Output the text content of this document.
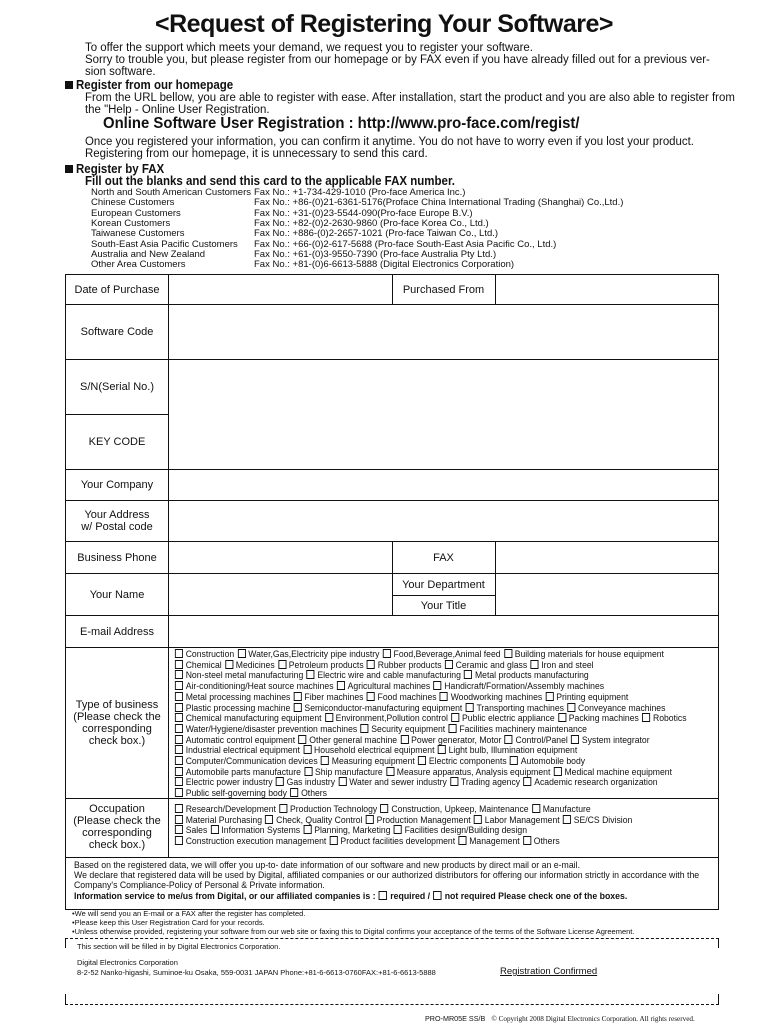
<Request of Registering Your Software>
To offer the support which meets your demand, we request you to register your software.
Sorry to trouble you, but please register from our homepage or by FAX even if you have already filled out for a previous ver-
sion software.
Register from our homepage
From the URL bellow, you are able to register with ease. After installation, start the product and you are also able to register from
the "Help - Online User Registration.
Online Software User Registration : http://www.pro-face.com/regist/
Once you registered your information, you can confirm it anytime. You do not have to worry even if you lost your product.
Registering from our homepage, it is unnecessary to send this card.
Register by FAX
Fill out the blanks and send this card to the applicable FAX number.
North and South American Customers Fax No.: +1-734-429-1010 (Pro-face America Inc.)
Chinese Customers	Fax No.: +86-(0)21-6361-5176(Proface China International Trading (Shanghai) Co.,Ltd.)
European Customers	Fax No.: +31-(0)23-5544-090(Pro-face Europe B.V.)
Korean Customers	Fax No.: +82-(0)2-2630-9860 (Pro-face Korea Co., Ltd.)
Taiwanese Customers	Fax No.: +886-(0)2-2657-1021 (Pro-face Taiwan Co., Ltd.)
South-East Asia Pacific Customers Fax No.: +66-(0)2-617-5688 (Pro-face South-East Asia Pacific Co., Ltd.)
Australia and New Zealand	Fax No.: +61-(0)3-9550-7390 (Pro-face Australia Pty Ltd.)
Other Area Customers	Fax No.: +81-(0)6-6613-5888 (Digital Electronics Corporation)
Date of Purchase	Purchased From
Software Code
S/N(Serial No.)
KEY CODE
Your Company
Your Address
w/ Postal code
Business Phone	FAX
Your Name
Your Department
Your Title
E-mail Address
Type of business
(Please check the
corresponding
check box.)
Construction Water,Gas,Electricity pipe industry Food,Beverage,Animal feed Building materials for house equipment
Chemical Medicines Petroleum products Rubber products Ceramic and glass Iron and steel
Non-steel metal manufacturing Electric wire and cable manufacturing Metal products manufacturing
Air-conditioning/Heat source machines Agricultural machines Handicraft/Formation/Assembly machines
Metal processing machines Fiber machines Food machines Woodworking machines Printing equipment
Plastic processing machine Semiconductor-manufacturing equipment Transporting machines Conveyance machines
Chemical manufacturing equipment Environment,Pollution control Public electric appliance Packing machines Robotics
Water/Hygiene/disaster prevention machines Security equipment Facilities machinery maintenance
Automatic control equipment Other general machine Power generator, Motor Control/Panel System integrator
Industrial electrical equipment Household electrical equipment Light bulb, Illumination equipment
Computer/Communication devices Measuring equipment Electric components Automobile body
Automobile parts manufacture Ship manufacture Measure apparatus, Analysis equipment Medical machine equipment
Electric power industry Gas industry Water and sewer industry Trading agency Academic research organization
Public self-governing body Others
Occupation
(Please check the
corresponding
check box.)
Research/Development Production Technology Construction, Upkeep, Maintenance Manufacture
Material Purchasing Check, Quality Control Production Management Labor Management SE/CS Division
Sales Information Systems Planning, Marketing Facilities design/Building design
Construction execution management Product facilities development Management Others
Based on the registered data, we will offer you up-to- date information of our software and new products by direct mail or an e-mail.
We declare that registered data will be used by Digital, affiliated companies or our authorized distributors for offering our information strictly in accordance with the
Company's Compliance-Policy of Personal & Private information.
Information service to me/us from Digital, or our affiliated companies is : required / not required Please check one of the boxes.
•We will send you an E-mail or a FAX after the register has completed.
•Please keep this User Registration Card for your records.
•Unless otherwise provided, registering your software from our web site or faxing this to Digital confirms your acceptance of the terms of the Software License Agreement.
This section will be filled in by Digital Electronics Corporation.
Digital Electronics Corporation
8-2-52 Nanko-higashi, Suminoe-ku Osaka, 559-0031 JAPAN Phone:+81-6-6613-0760FAX:+81-6-6613-5888	Registration Confirmed
PRO-MR05E SS/B © Copyright 2008 Digital Electronics Corporation. All rights reserved.
